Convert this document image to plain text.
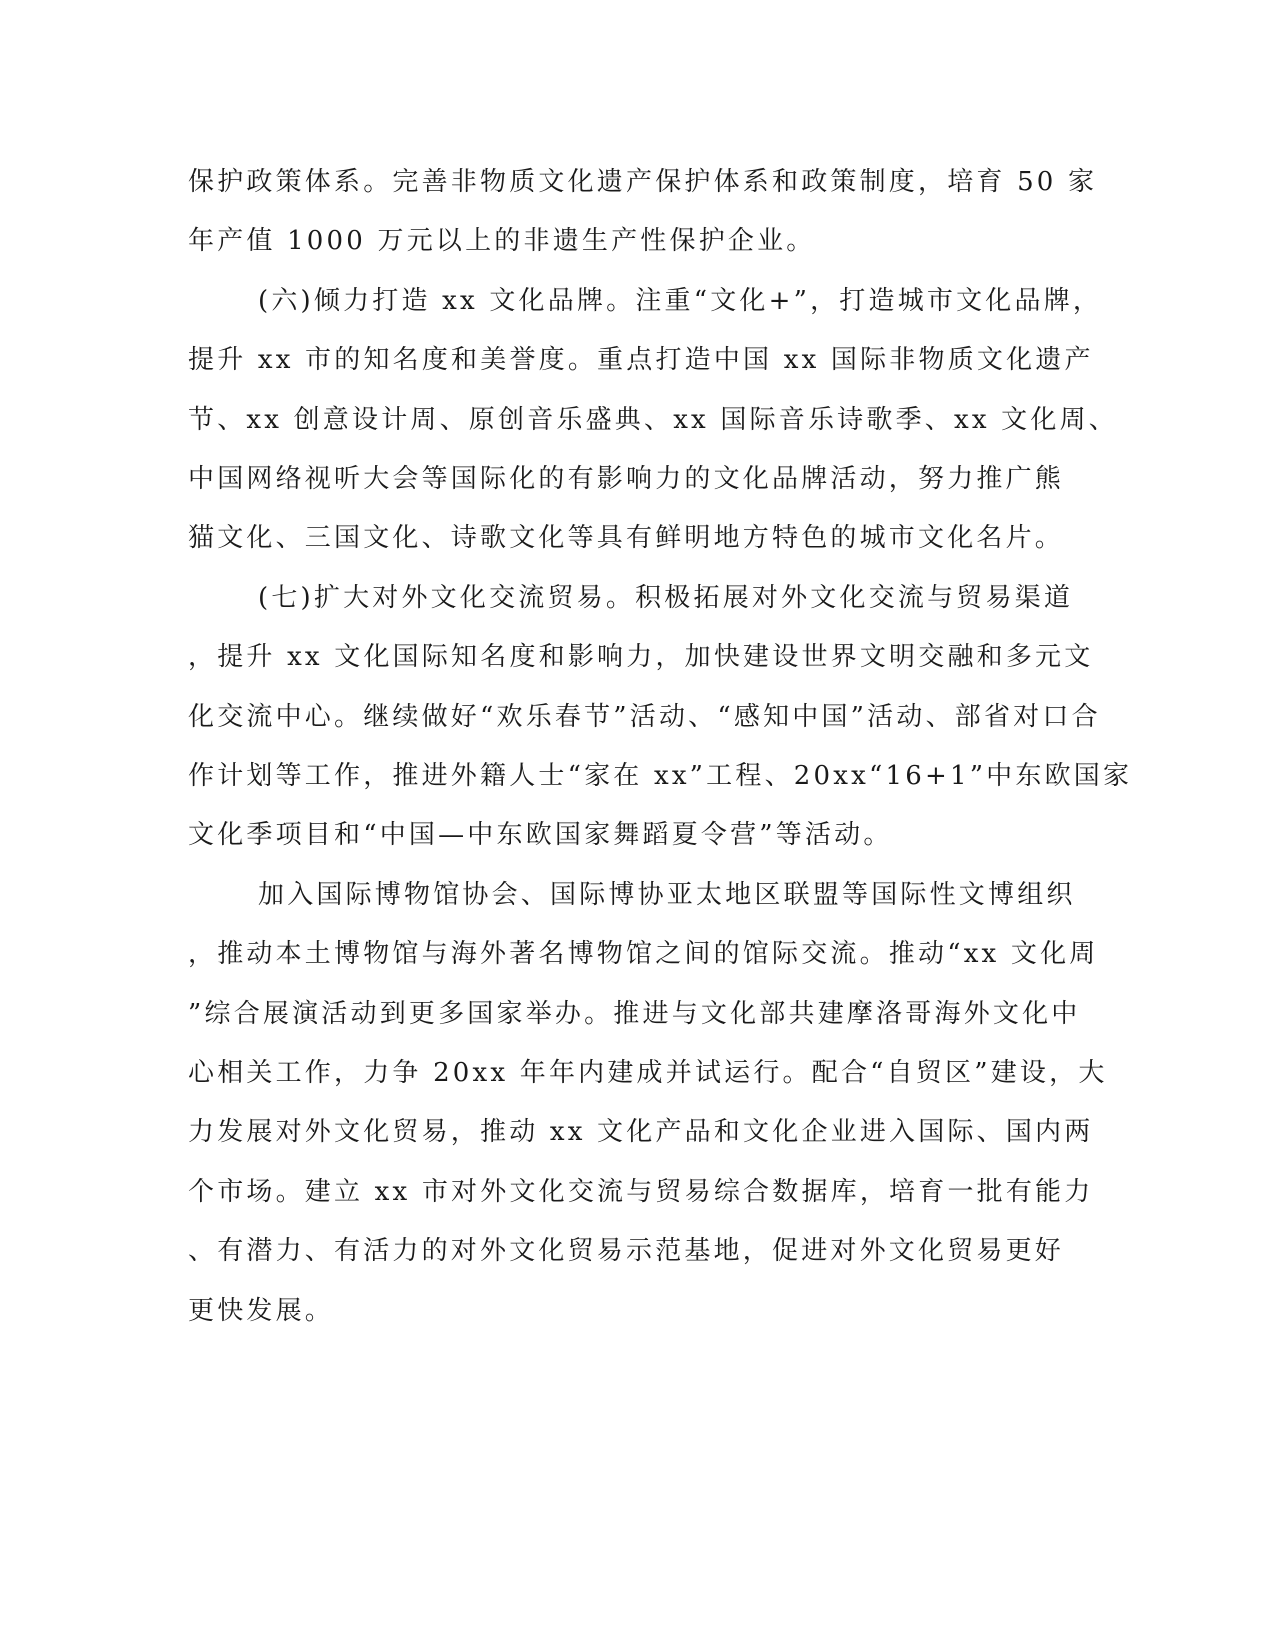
保护政策体系。完善非物质文化遗产保护体系和政策制度，培育 50 家
年产值 1000 万元以上的非遗生产性保护企业。
(六)倾力打造 xx 文化品牌。注重“文化+”，打造城市文化品牌，
提升 xx 市的知名度和美誉度。重点打造中国 xx 国际非物质文化遗产
节、xx 创意设计周、原创音乐盛典、xx 国际音乐诗歌季、xx 文化周、
中国网络视听大会等国际化的有影响力的文化品牌活动，努力推广熊
猫文化、三国文化、诗歌文化等具有鲜明地方特色的城市文化名片。
(七)扩大对外文化交流贸易。积极拓展对外文化交流与贸易渠道
，提升 xx 文化国际知名度和影响力，加快建设世界文明交融和多元文
化交流中心。继续做好“欢乐春节”活动、“感知中国”活动、部省对口合
作计划等工作，推进外籍人士“家在 xx”工程、20xx“16+1”中东欧国家
文化季项目和“中国—中东欧国家舞蹈夏令营”等活动。
加入国际博物馆协会、国际博协亚太地区联盟等国际性文博组织
，推动本土博物馆与海外著名博物馆之间的馆际交流。推动“xx 文化周
”综合展演活动到更多国家举办。推进与文化部共建摩洛哥海外文化中
心相关工作，力争 20xx 年年内建成并试运行。配合“自贸区”建设，大
力发展对外文化贸易，推动 xx 文化产品和文化企业进入国际、国内两
个市场。建立 xx 市对外文化交流与贸易综合数据库，培育一批有能力
、有潜力、有活力的对外文化贸易示范基地，促进对外文化贸易更好
更快发展。
